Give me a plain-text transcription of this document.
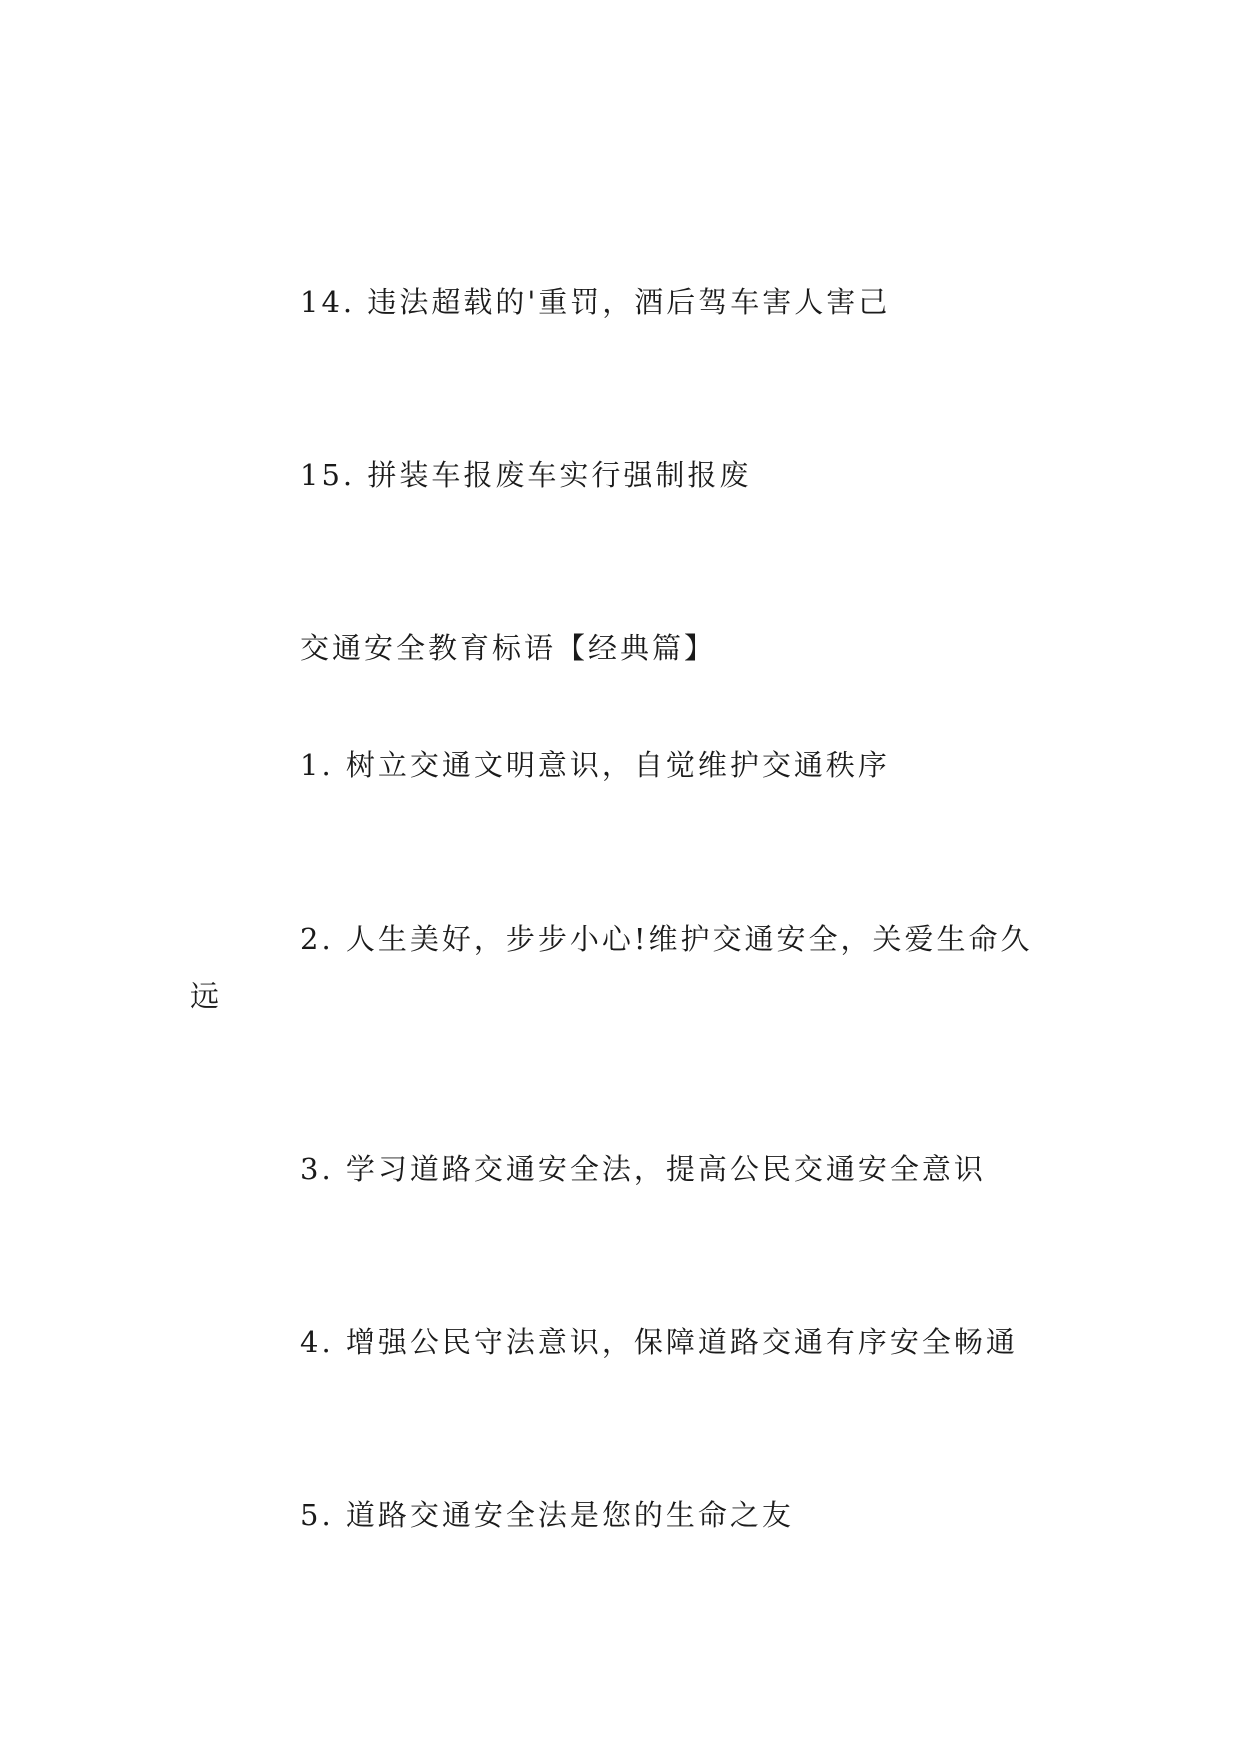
14. 违法超载的'重罚，酒后驾车害人害己
15. 拼装车报废车实行强制报废
交通安全教育标语【经典篇】
1. 树立交通文明意识，自觉维护交通秩序
2. 人生美好，步步小心!维护交通安全，关爱生命久
远
3. 学习道路交通安全法，提高公民交通安全意识
4. 增强公民守法意识，保障道路交通有序安全畅通
5. 道路交通安全法是您的生命之友
